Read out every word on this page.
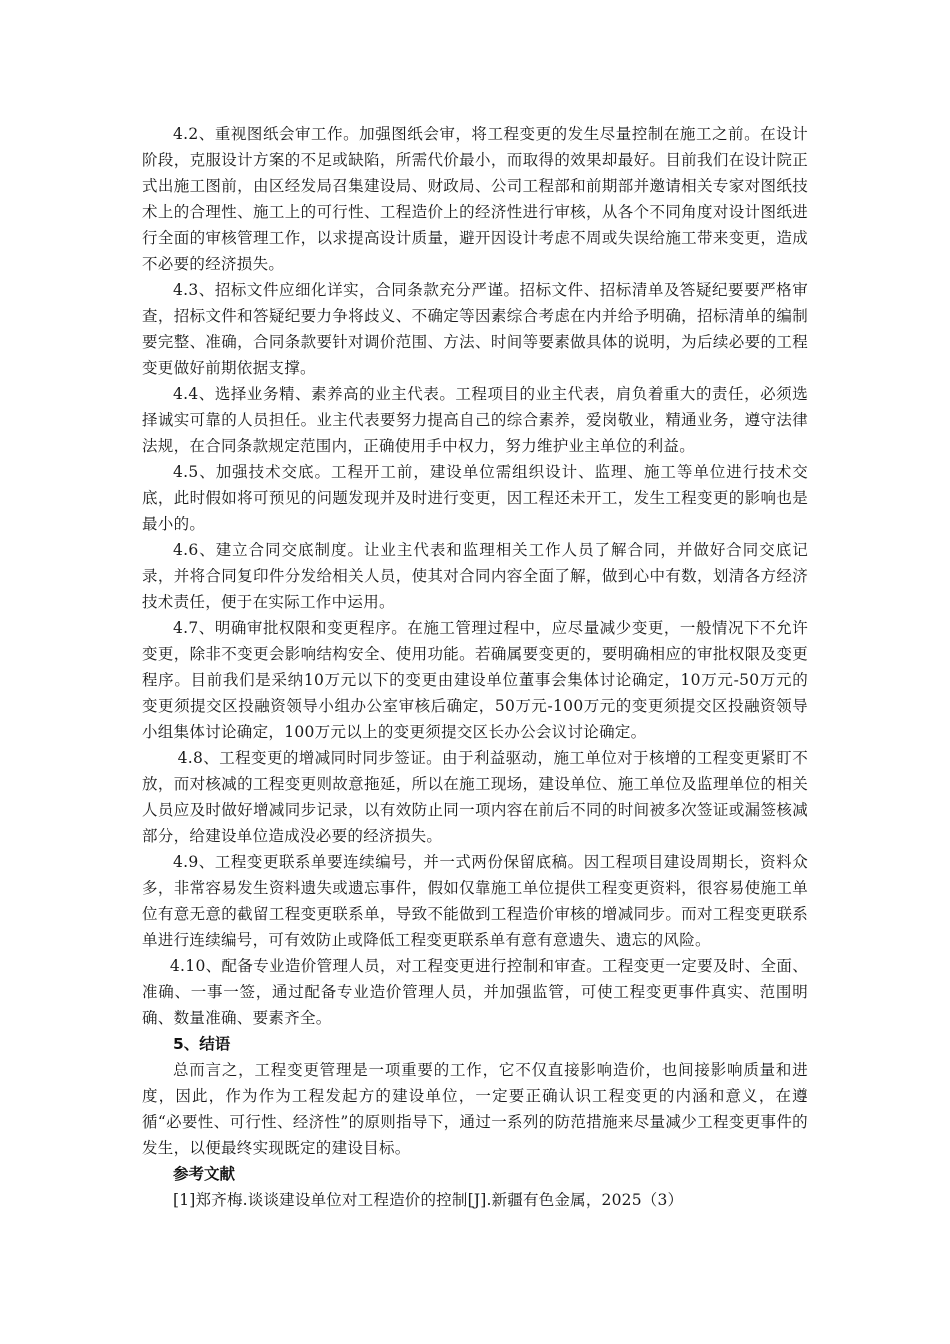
4.2、重视图纸会审工作。加强图纸会审，将工程变更的发生尽量控制在施工之前。在设计阶段，克服设计方案的不足或缺陷，所需代价最小，而取得的效果却最好。目前我们在设计院正式出施工图前，由区经发局召集建设局、财政局、公司工程部和前期部并邀请相关专家对图纸技术上的合理性、施工上的可行性、工程造价上的经济性进行审核，从各个不同角度对设计图纸进行全面的审核管理工作，以求提高设计质量，避开因设计考虑不周或失误给施工带来变更，造成不必要的经济损失。

4.3、招标文件应细化详实，合同条款充分严谨。招标文件、招标清单及答疑纪要要严格审查，招标文件和答疑纪要力争将歧义、不确定等因素综合考虑在内并给予明确，招标清单的编制要完整、准确，合同条款要针对调价范围、方法、时间等要素做具体的说明，为后续必要的工程变更做好前期依据支撑。

4.4、选择业务精、素养高的业主代表。工程项目的业主代表，肩负着重大的责任，必须选择诚实可靠的人员担任。业主代表要努力提高自己的综合素养，爱岗敬业，精通业务，遵守法律法规，在合同条款规定范围内，正确使用手中权力，努力维护业主单位的利益。

4.5、加强技术交底。工程开工前，建设单位需组织设计、监理、施工等单位进行技术交底，此时假如将可预见的问题发现并及时进行变更，因工程还未开工，发生工程变更的影响也是最小的。

4.6、建立合同交底制度。让业主代表和监理相关工作人员了解合同，并做好合同交底记录，并将合同复印件分发给相关人员，使其对合同内容全面了解，做到心中有数，划清各方经济技术责任，便于在实际工作中运用。

4.7、明确审批权限和变更程序。在施工管理过程中，应尽量减少变更，一般情况下不允许变更，除非不变更会影响结构安全、使用功能。若确属要变更的，要明确相应的审批权限及变更程序。目前我们是采纳10万元以下的变更由建设单位董事会集体讨论确定，10万元-50万元的变更须提交区投融资领导小组办公室审核后确定，50万元-100万元的变更须提交区投融资领导小组集体讨论确定，100万元以上的变更须提交区长办公会议讨论确定。

4.8、工程变更的增减同时同步签证。由于利益驱动，施工单位对于核增的工程变更紧盯不放，而对核减的工程变更则故意拖延，所以在施工现场，建设单位、施工单位及监理单位的相关人员应及时做好增减同步记录，以有效防止同一项内容在前后不同的时间被多次签证或漏签核减部分，给建设单位造成没必要的经济损失。

4.9、工程变更联系单要连续编号，并一式两份保留底稿。因工程项目建设周期长，资料众多，非常容易发生资料遗失或遗忘事件，假如仅靠施工单位提供工程变更资料，很容易使施工单位有意无意的截留工程变更联系单，导致不能做到工程造价审核的增减同步。而对工程变更联系单进行连续编号，可有效防止或降低工程变更联系单有意有意遗失、遗忘的风险。

4.10、配备专业造价管理人员，对工程变更进行控制和审查。工程变更一定要及时、全面、准确、一事一签，通过配备专业造价管理人员，并加强监管，可使工程变更事件真实、范围明确、数量准确、要素齐全。

5、结语

总而言之，工程变更管理是一项重要的工作，它不仅直接影响造价，也间接影响质量和进度，因此，作为作为工程发起方的建设单位，一定要正确认识工程变更的内涵和意义，在遵循“必要性、可行性、经济性”的原则指导下，通过一系列的防范措施来尽量减少工程变更事件的发生，以便最终实现既定的建设目标。

参考文献

[1]郑齐梅.谈谈建设单位对工程造价的控制[J].新疆有色金属，2025（3）
